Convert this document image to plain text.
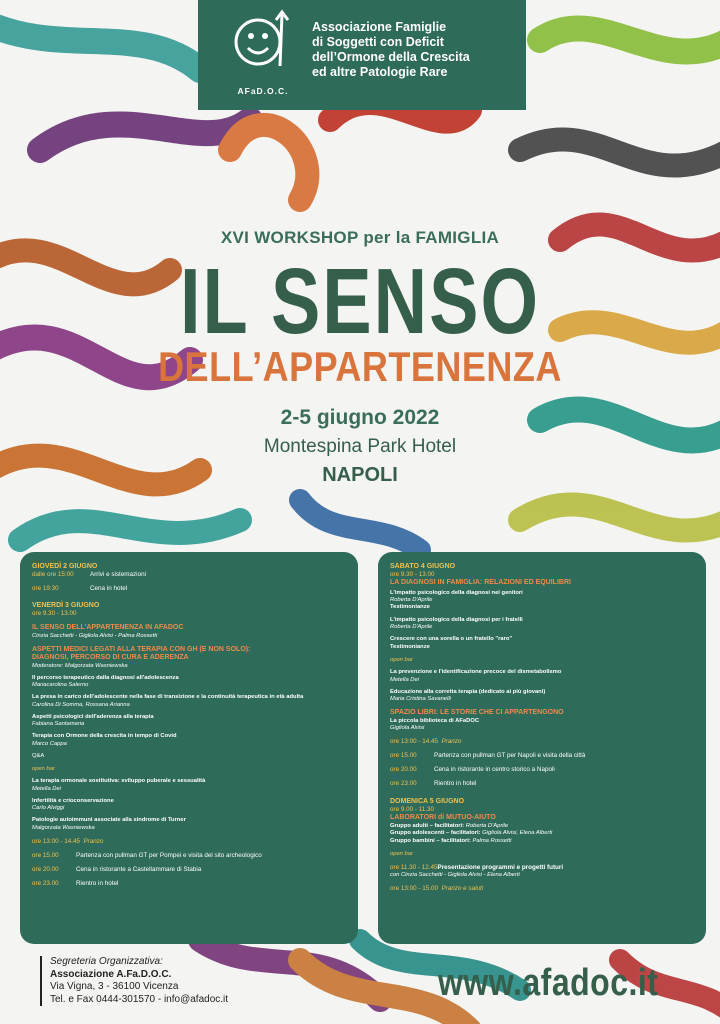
AFaD.O.C.
Associazione Famiglie
di Soggetti con Deficit
dell’Ormone della Crescita
ed altre Patologie Rare
XVI WORKSHOP per la FAMIGLIA
IL SENSO
DELL’APPARTENENZA
2-5 giugno 2022
Montespina Park Hotel
NAPOLI
GIOVEDÌ 2 GIUGNO
dalle ore 15:00	Arrivi e sistemazioni
ore 19:30	Cena in hotel
VENERDÌ 3 GIUGNO
ore 9.30 - 13.00
IL SENSO DELL'APPARTENENZA IN AFADOC
Cinzia Sacchetti - Gigliola Alvisi - Palma Rossetti
ASPETTI MEDICI LEGATI ALLA TERAPIA CON GH (E NON SOLO):
DIAGNOSI, PERCORSO DI CURA E ADERENZA
Moderatore: Malgorzata Wasniewska
Il percorso terapeutico dalla diagnosi all'adolescenza
Mariacarolina Salerno
La presa in carico dell'adolescente nella fase di transizione e la continuità terapeutica in età adulta
Carolina Di Somma, Rossana Arianna
Aspetti psicologici dell'aderenza alla terapia
Fabiana Santamaria
Terapia con Ormone della crescita in tempo di Covid
Marco Cappa
Q&A
open bar
La terapia ormonale sostitutiva: sviluppo puberale e sessualità
Metella Dei
Infertilità e crioconservazione
Carlo Alviggi
Patologie autoimmuni associate alla sindrome di Turner
Malgorzata Wasniewska
ore 13:00 - 14.45 Pranzo
ore 15.00	Partenza con pullman GT per Pompei e visita del sito archeologico
ore 20.00	Cena in ristorante a Castellammare di Stabia
ore 23.00	Rientro in hotel
SABATO 4 GIUGNO
ore 9.30 - 13.00
LA DIAGNOSI IN FAMIGLIA: RELAZIONI ED EQUILIBRI
L'impatto psicologico della diagnosi nei genitori
Roberta D'Aprile
Testimonianze
L'impatto psicologico della diagnosi per i fratelli
Roberta D'Aprile
Crescere con una sorella o un fratello "raro"
Testimonianze
open bar
La prevenzione e l'identificazione precoce del dismetabolismo
Metella Dei
Educazione alla corretta terapia (dedicato ai più giovani)
Maria Cristina Savanelli
SPAZIO LIBRI: LE STORIE CHE CI APPARTENGONO
La piccola biblioteca di AFaDOC
Gigliola Alvisi
ore 13:00 - 14.45 Pranzo
ore 15.00	Partenza con pullman GT per Napoli e visita della città
ore 20.00	Cena in ristorante in centro storico a Napoli
ore 23.00	Rientro in hotel
DOMENICA 5 GIUGNO
ore 9.00 - 11.30
LABORATORI di MUTUO-AIUTO
Gruppo adulti – facilitatori: Roberta D'Aprile
Gruppo adolescenti – facilitatori: Gigliola Alvisi, Elena Alberti
Gruppo bambini – facilitatori: Palma Rossetti
open bar
ore 11.30 - 12.45Presentazione programmi e progetti futuri
con Cinzia Sacchetti - Gigliola Alvisi - Elena Alberti
ore 13:00 - 15.00 Pranzo e saluti
Segreteria Organizzativa:
Associazione A.Fa.D.O.C.
Via Vigna, 3 - 36100 Vicenza
Tel. e Fax 0444-301570 - info@afadoc.it	www.afadoc.it
